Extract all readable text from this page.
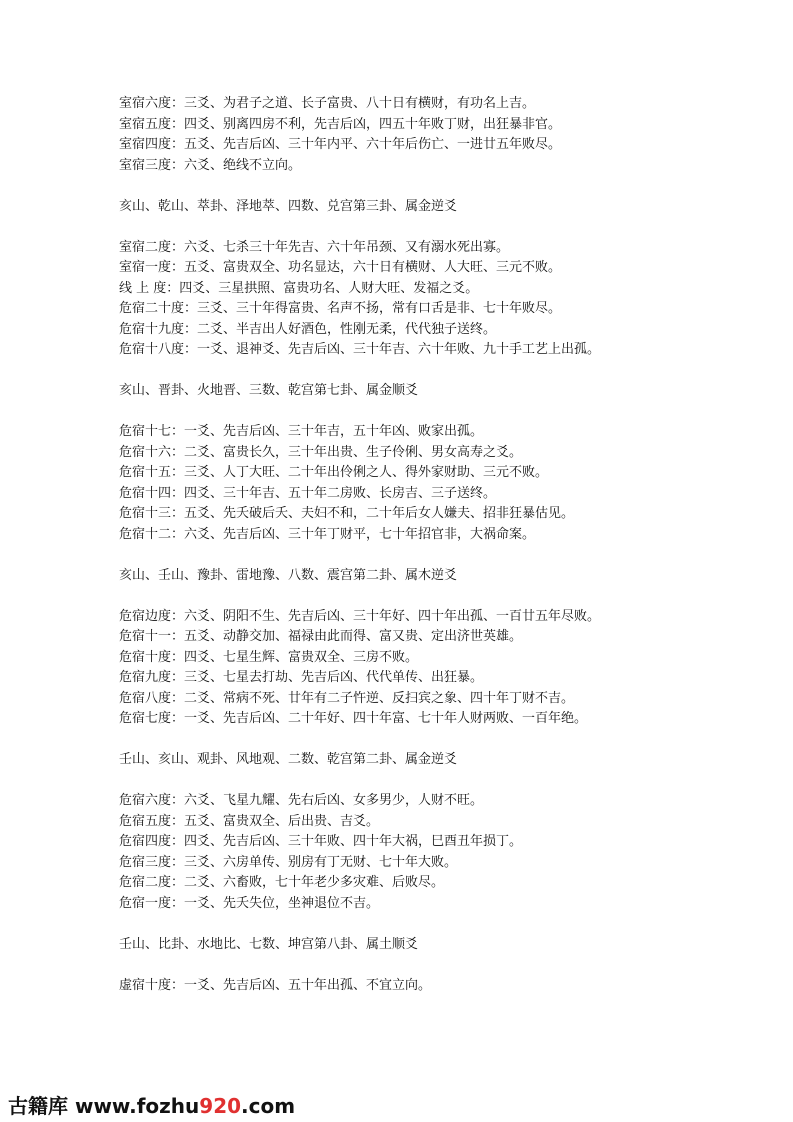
室宿六度：三爻、为君子之道、长子富贵、八十日有横财，有功名上吉。
室宿五度：四爻、别离四房不利，先吉后凶，四五十年败丁财，出狂暴非官。
室宿四度：五爻、先吉后凶、三十年内平、六十年后伤亡、一进廿五年败尽。
室宿三度：六爻、绝线不立向。
亥山、乾山、萃卦、泽地萃、四数、兑宫第三卦、属金逆爻
室宿二度：六爻、七杀三十年先吉、六十年吊颈、又有溺水死出寡。
室宿一度：五爻、富贵双全、功名显达，六十日有横财、人大旺、三元不败。
线 上 度：四爻、三星拱照、富贵功名、人财大旺、发福之爻。
危宿二十度：三爻、三十年得富贵、名声不扬，常有口舌是非、七十年败尽。
危宿十九度：二爻、半吉出人好酒色，性刚无柔，代代独子送终。
危宿十八度：一爻、退神爻、先吉后凶、三十年吉、六十年败、九十手工艺上出孤。
亥山、晋卦、火地晋、三数、乾宫第七卦、属金顺爻
危宿十七：一爻、先吉后凶、三十年吉，五十年凶、败家出孤。
危宿十六：二爻、富贵长久，三十年出贵、生子伶俐、男女高寿之爻。
危宿十五：三爻、人丁大旺、二十年出伶俐之人、得外家财助、三元不败。
危宿十四：四爻、三十年吉、五十年二房败、长房吉、三子送终。
危宿十三：五爻、先夭破后夭、夫妇不和，二十年后女人嫌夫、招非狂暴估见。
危宿十二：六爻、先吉后凶、三十年丁财平，七十年招官非，大祸命案。
亥山、壬山、豫卦、雷地豫、八数、震宫第二卦、属木逆爻
危宿边度：六爻、阴阳不生、先吉后凶、三十年好、四十年出孤、一百廿五年尽败。
危宿十一：五爻、动静交加、福禄由此而得、富又贵、定出济世英雄。
危宿十度：四爻、七星生辉、富贵双全、三房不败。
危宿九度：三爻、七星去打劫、先吉后凶、代代单传、出狂暴。
危宿八度：二爻、常病不死、廿年有二子忤逆、反扫宾之象、四十年丁财不吉。
危宿七度：一爻、先吉后凶、二十年好、四十年富、七十年人财两败、一百年绝。
壬山、亥山、观卦、风地观、二数、乾宫第二卦、属金逆爻
危宿六度：六爻、飞星九耀、先右后凶、女多男少，人财不旺。
危宿五度：五爻、富贵双全、后出贵、吉爻。
危宿四度：四爻、先吉后凶、三十年败、四十年大祸，巳酉丑年损丁。
危宿三度：三爻、六房单传、别房有丁无财、七十年大败。
危宿二度：二爻、六畜败，七十年老少多灾难、后败尽。
危宿一度：一爻、先夭失位，坐神退位不吉。
壬山、比卦、水地比、七数、坤宫第八卦、属土顺爻
虚宿十度：一爻、先吉后凶、五十年出孤、不宜立向。
古籍库 www.fozhu920.com
